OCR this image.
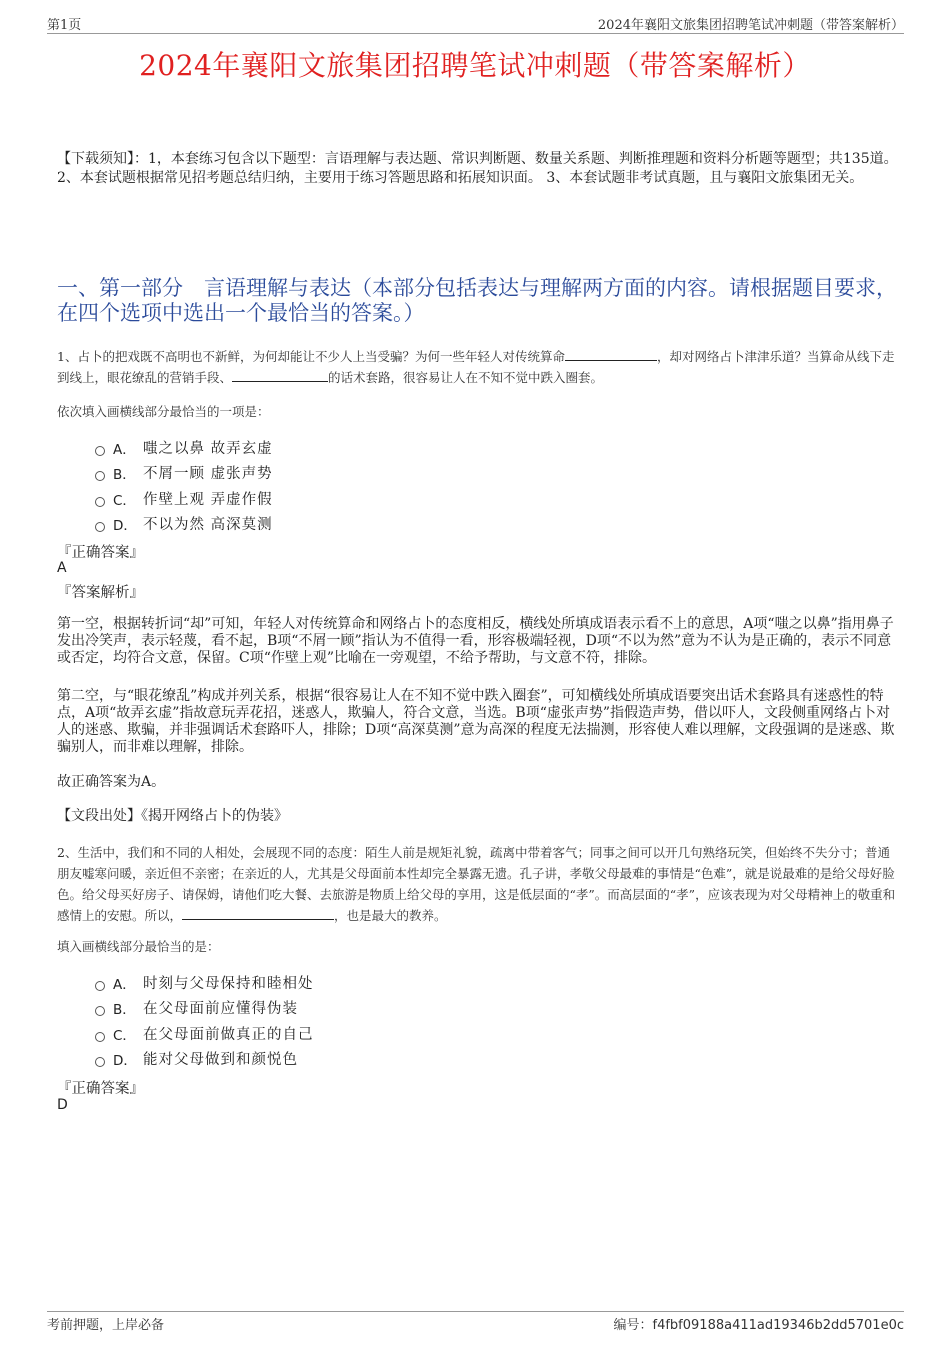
第1页	2024年襄阳文旅集团招聘笔试冲刺题（带答案解析）
2024年襄阳文旅集团招聘笔试冲刺题（带答案解析）
【下载须知】：1，本套练习包含以下题型：言语理解与表达题、常识判断题、数量关系题、判断推理题和资料分析题等题型；共135道。 2、本套试题根据常见招考题总结归纳，主要用于练习答题思路和拓展知识面。 3、本套试题非考试真题，且与襄阳文旅集团无关。
一、第一部分　言语理解与表达（本部分包括表达与理解两方面的内容。请根据题目要求，在四个选项中选出一个最恰当的答案。）
1、占卜的把戏既不高明也不新鲜，为何却能让不少人上当受骗？为何一些年轻人对传统算命	，却对网络占卜津津乐道？当算命从线下走到线上，眼花缭乱的营销手段、	的话术套路，很容易让人在不知不觉中跌入圈套。
依次填入画横线部分最恰当的一项是：
A． 嗤之以鼻 故弄玄虚
B． 不屑一顾 虚张声势
C． 作壁上观 弄虚作假
D． 不以为然 高深莫测
『正确答案』
A
『答案解析』
第一空，根据转折词“却”可知，年轻人对传统算命和网络占卜的态度相反，横线处所填成语表示看不上的意思，A项“嗤之以鼻”指用鼻子发出冷笑声，表示轻蔑，看不起，B项“不屑一顾”指认为不值得一看，形容极端轻视，D项“不以为然”意为不认为是正确的，表示不同意或否定，均符合文意，保留。C项“作壁上观”比喻在一旁观望，不给予帮助，与文意不符，排除。
第二空，与“眼花缭乱”构成并列关系，根据“很容易让人在不知不觉中跌入圈套”，可知横线处所填成语要突出话术套路具有迷惑性的特点，A项“故弄玄虚”指故意玩弄花招，迷惑人，欺骗人，符合文意，当选。B项“虚张声势”指假造声势，借以吓人，文段侧重网络占卜对人的迷惑、欺骗，并非强调话术套路吓人，排除；D项“高深莫测”意为高深的程度无法揣测，形容使人难以理解，文段强调的是迷惑、欺骗别人，而非难以理解，排除。
故正确答案为A。
【文段出处】《揭开网络占卜的伪装》
2、生活中，我们和不同的人相处，会展现不同的态度：陌生人前是规矩礼貌，疏离中带着客气；同事之间可以开几句熟络玩笑，但始终不失分寸；普通朋友嘘寒问暖，亲近但不亲密；在亲近的人，尤其是父母面前本性却完全暴露无遗。孔子讲，孝敬父母最难的事情是“色难”，就是说最难的是给父母好脸色。给父母买好房子、请保姆，请他们吃大餐、去旅游是物质上给父母的享用，这是低层面的“孝”。而高层面的“孝”，应该表现为对父母精神上的敬重和感情上的安慰。所以，	，也是最大的教养。
填入画横线部分最恰当的是：
A． 时刻与父母保持和睦相处
B． 在父母面前应懂得伪装
C． 在父母面前做真正的自己
D． 能对父母做到和颜悦色
『正确答案』
D
考前押题，上岸必备	编号：f4fbf09188a411ad19346b2dd5701e0c
